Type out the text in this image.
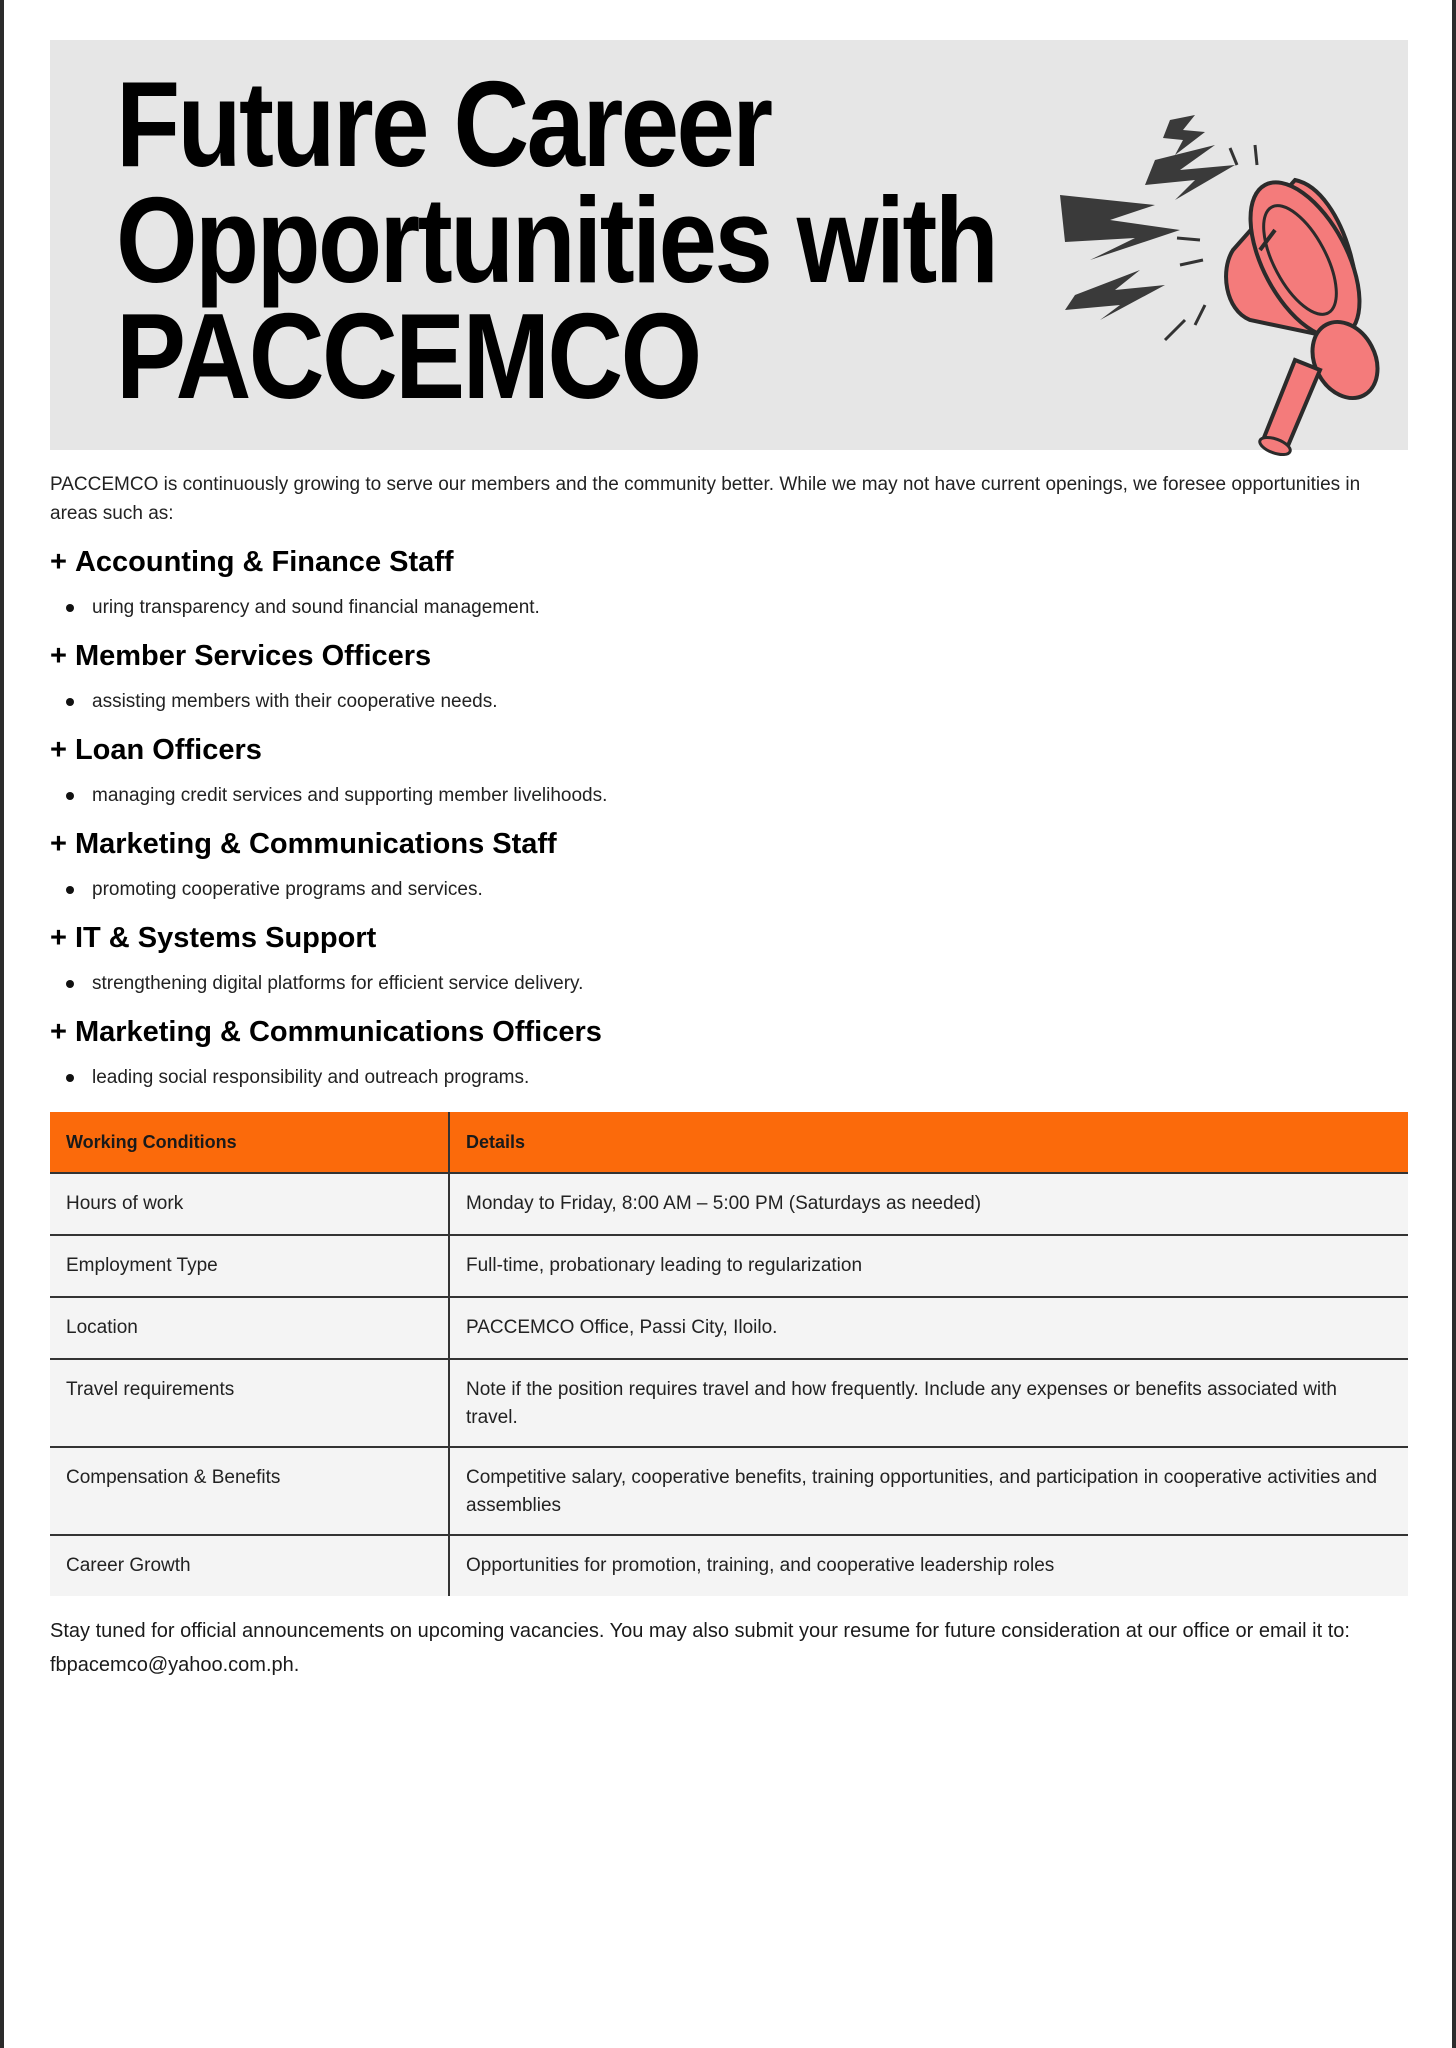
Future Career
Opportunities with
PACCEMCO
PACCEMCO is continuously growing to serve our members and the community better. While we may not have current openings, we foresee opportunities in areas such as:
+ Accounting & Finance Staff
uring transparency and sound financial management.
+ Member Services Officers
assisting members with their cooperative needs.
+ Loan Officers
managing credit services and supporting member livelihoods.
+ Marketing & Communications Staff
promoting cooperative programs and services.
+ IT & Systems Support
strengthening digital platforms for efficient service delivery.
+ Marketing & Communications Officers
leading social responsibility and outreach programs.
Working Conditions	Details
Hours of work	Monday to Friday, 8:00 AM – 5:00 PM (Saturdays as needed)
Employment Type	Full-time, probationary leading to regularization
Location	PACCEMCO Office, Passi City, Iloilo.
Travel requirements	Note if the position requires travel and how frequently. Include any expenses or benefits associated with travel.
Compensation & Benefits	Competitive salary, cooperative benefits, training opportunities, and participation in cooperative activities and assemblies
Career Growth	Opportunities for promotion, training, and cooperative leadership roles
Stay tuned for official announcements on upcoming vacancies. You may also submit your resume for future consideration at our office or email it to: fbpacemco@yahoo.com.ph.
